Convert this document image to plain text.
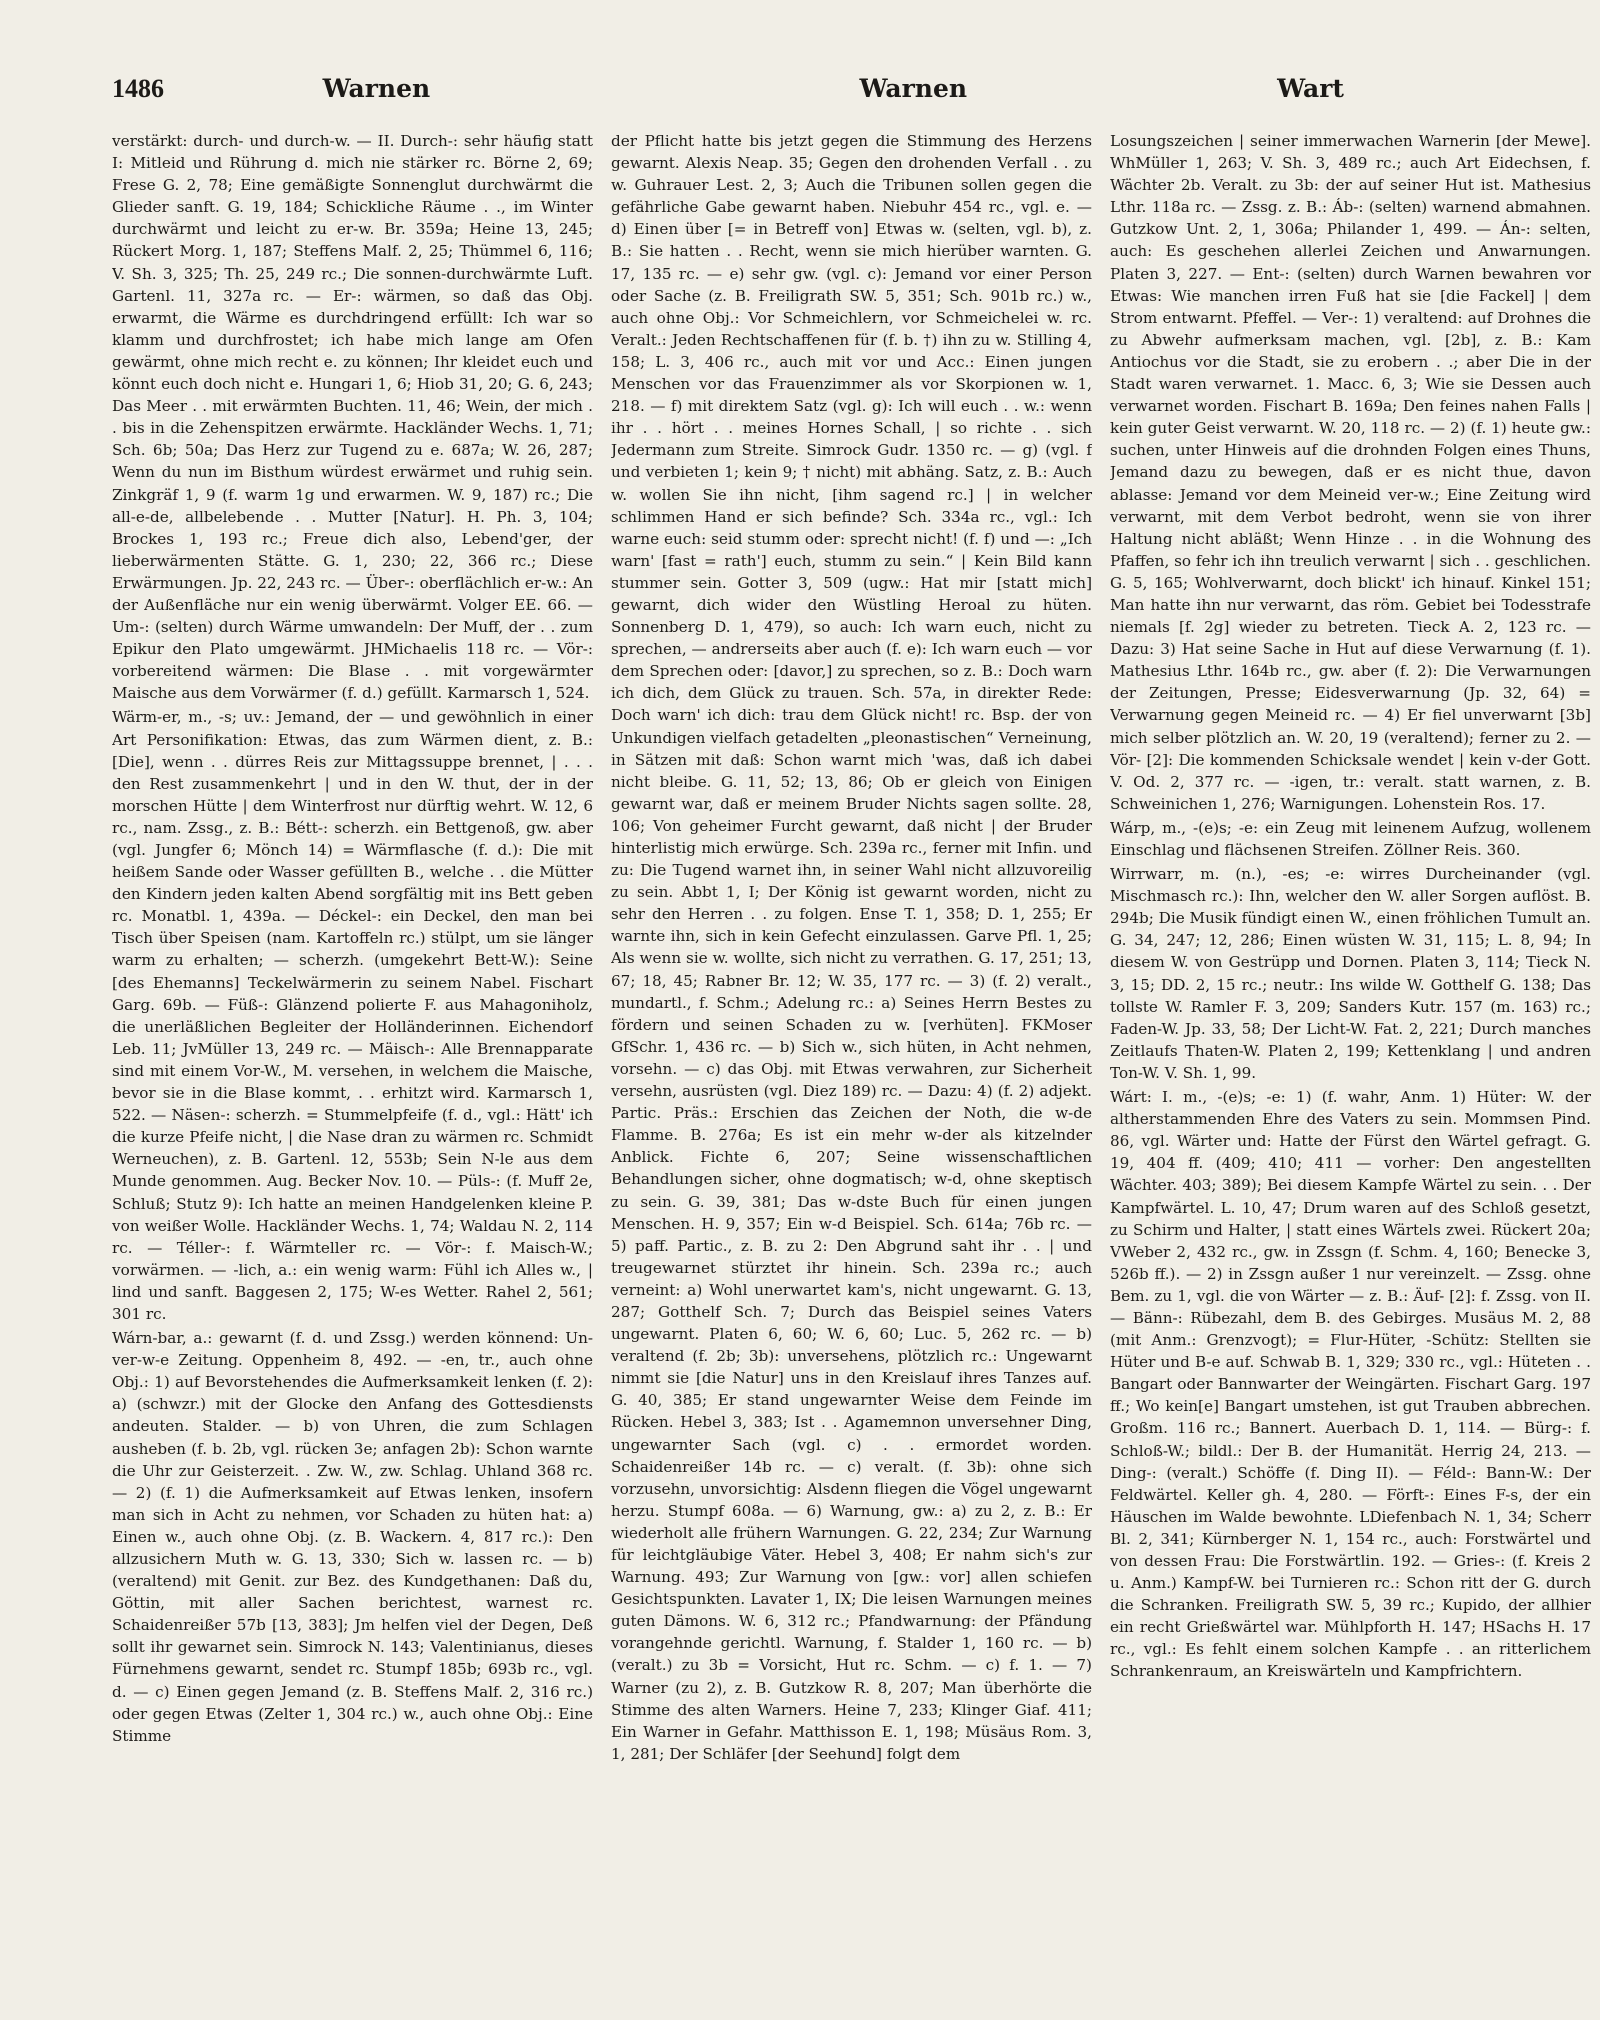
1486	Warnen	Warnen	Wart

verstärkt: durch- und durch-w. — II. Durch-: sehr häufig statt I: Mitleid und Rührung d. mich nie stärker rc. Börne 2, 69; Frese G. 2, 78; Eine gemäßigte Sonnenglut durchwärmt die Glieder sanft. G. 19, 184; Schickliche Räume . ., im Winter durchwärmt und leicht zu er-w. Br. 359a; Heine 13, 245; Rückert Morg. 1, 187; Steffens Malf. 2, 25; Thümmel 6, 116; V. Sh. 3, 325; Th. 25, 249 rc.; Die sonnen-durchwärmte Luft. Gartenl. 11, 327a rc. — Er-: wärmen, so daß das Obj. erwarmt, die Wärme es durchdringend erfüllt: Ich war so klamm und durchfrostet; ich habe mich lange am Ofen gewärmt, ohne mich recht e. zu können; Ihr kleidet euch und könnt euch doch nicht e. Hungari 1, 6; Hiob 31, 20; G. 6, 243; Das Meer . . mit erwärmten Buchten. 11, 46; Wein, der mich . . bis in die Zehenspitzen erwärmte. Hackländer Wechs. 1, 71; Sch. 6b; 50a; Das Herz zur Tugend zu e. 687a; W. 26, 287; Wenn du nun im Bisthum würdest erwärmet und ruhig sein. Zinkgräf 1, 9 (f. warm 1g und erwarmen. W. 9, 187) rc.; Die all-e-de, allbelebende . . Mutter [Natur]. H. Ph. 3, 104; Brockes 1, 193 rc.; Freue dich also, Lebend'ger, der lieberwärmenten Stätte. G. 1, 230; 22, 366 rc.; Diese Erwärmungen. Jp. 22, 243 rc. — Über-: oberflächlich er-w.: An der Außenfläche nur ein wenig überwärmt. Volger EE. 66. — Um-: (selten) durch Wärme umwandeln: Der Muff, der . . zum Epikur den Plato umgewärmt. JHMichaelis 118 rc. — Vör-: vorbereitend wärmen: Die Blase . . mit vorgewärmter Maische aus dem Vorwärmer (f. d.) gefüllt. Karmarsch 1, 524.

Wärm-er, m., -s; uv.: Jemand, der — und gewöhnlich in einer Art Personifikation: Etwas, das zum Wärmen dient, z. B.: [Die], wenn . . dürres Reis zur Mittagssuppe brennet, | . . . den Rest zusammenkehrt | und in den W. thut, der in der morschen Hütte | dem Winterfrost nur dürftig wehrt. W. 12, 6 rc., nam. Zssg., z. B.: Bétt-: scherzh. ein Bettgenoß, gw. aber (vgl. Jungfer 6; Mönch 14) = Wärmflasche (f. d.): Die mit heißem Sande oder Wasser gefüllten B., welche . . die Mütter den Kindern jeden kalten Abend sorgfältig mit ins Bett geben rc. Monatbl. 1, 439a. — Déckel-: ein Deckel, den man bei Tisch über Speisen (nam. Kartoffeln rc.) stülpt, um sie länger warm zu erhalten; — scherzh. (umgekehrt Bett-W.): Seine [des Ehemanns] Teckelwärmerin zu seinem Nabel. Fischart Garg. 69b. — Füß-: Glänzend polierte F. aus Mahagoniholz, die unerläßlichen Begleiter der Holländerinnen. Eichendorf Leb. 11; JvMüller 13, 249 rc. — Mäisch-: Alle Brennapparate sind mit einem Vor-W., M. versehen, in welchem die Maische, bevor sie in die Blase kommt, . . erhitzt wird. Karmarsch 1, 522. — Näsen-: scherzh. = Stummelpfeife (f. d., vgl.: Hätt' ich die kurze Pfeife nicht, | die Nase dran zu wärmen rc. Schmidt Werneuchen), z. B. Gartenl. 12, 553b; Sein N-le aus dem Munde genommen. Aug. Becker Nov. 10. — Püls-: (f. Muff 2e, Schluß; Stutz 9): Ich hatte an meinen Handgelenken kleine P. von weißer Wolle. Hackländer Wechs. 1, 74; Waldau N. 2, 114 rc. — Téller-: f. Wärmteller rc. — Vör-: f. Maisch-W.; vorwärmen. — -lich, a.: ein wenig warm: Fühl ich Alles w., | lind und sanft. Baggesen 2, 175; W-es Wetter. Rahel 2, 561; 301 rc.

Wárn-bar, a.: gewarnt (f. d. und Zssg.) werden könnend: Un-ver-w-e Zeitung. Oppenheim 8, 492. — -en, tr., auch ohne Obj.: 1) auf Bevorstehendes die Aufmerksamkeit lenken (f. 2): a) (schwzr.) mit der Glocke den Anfang des Gottesdiensts andeuten. Stalder. — b) von Uhren, die zum Schlagen ausheben (f. b. 2b, vgl. rücken 3e; anfagen 2b): Schon warnte die Uhr zur Geisterzeit. . Zw. W., zw. Schlag. Uhland 368 rc. — 2) (f. 1) die Aufmerksamkeit auf Etwas lenken, insofern man sich in Acht zu nehmen, vor Schaden zu hüten hat: a) Einen w., auch ohne Obj. (z. B. Wackern. 4, 817 rc.): Den allzusichern Muth w. G. 13, 330; Sich w. lassen rc. — b) (veraltend) mit Genit. zur Bez. des Kundgethanen: Daß du, Göttin, mit aller Sachen berichtest, warnest rc. Schaidenreißer 57b [13, 383]; Jm helfen viel der Degen, Deß sollt ihr gewarnet sein. Simrock N. 143; Valentinianus, dieses Fürnehmens gewarnt, sendet rc. Stumpf 185b; 693b rc., vgl. d. — c) Einen gegen Jemand (z. B. Steffens Malf. 2, 316 rc.) oder gegen Etwas (Zelter 1, 304 rc.) w., auch ohne Obj.: Eine Stimme

der Pflicht hatte bis jetzt gegen die Stimmung des Herzens gewarnt. Alexis Neap. 35; Gegen den drohenden Verfall . . zu w. Guhrauer Lest. 2, 3; Auch die Tribunen sollen gegen die gefährliche Gabe gewarnt haben. Niebuhr 454 rc., vgl. e. — d) Einen über [= in Betreff von] Etwas w. (selten, vgl. b), z. B.: Sie hatten . . Recht, wenn sie mich hierüber warnten. G. 17, 135 rc. — e) sehr gw. (vgl. c): Jemand vor einer Person oder Sache (z. B. Freiligrath SW. 5, 351; Sch. 901b rc.) w., auch ohne Obj.: Vor Schmeichlern, vor Schmeichelei w. rc. Veralt.: Jeden Rechtschaffenen für (f. b. †) ihn zu w. Stilling 4, 158; L. 3, 406 rc., auch mit vor und Acc.: Einen jungen Menschen vor das Frauenzimmer als vor Skorpionen w. 1, 218. — f) mit direktem Satz (vgl. g): Ich will euch . . w.: wenn ihr . . hört . . meines Hornes Schall, | so richte . . sich Jedermann zum Streite. Simrock Gudr. 1350 rc. — g) (vgl. f und verbieten 1; kein 9; † nicht) mit abhäng. Satz, z. B.: Auch w. wollen Sie ihn nicht, [ihm sagend rc.] | in welcher schlimmen Hand er sich befinde? Sch. 334a rc., vgl.: Ich warne euch: seid stumm oder: sprecht nicht! (f. f) und —: „Ich warn' [fast = rath'] euch, stumm zu sein.“ | Kein Bild kann stummer sein. Gotter 3, 509 (ugw.: Hat mir [statt mich] gewarnt, dich wider den Wüstling Heroal zu hüten. Sonnenberg D. 1, 479), so auch: Ich warn euch, nicht zu sprechen, — andrerseits aber auch (f. e): Ich warn euch — vor dem Sprechen oder: [davor,] zu sprechen, so z. B.: Doch warn ich dich, dem Glück zu trauen. Sch. 57a, in direkter Rede: Doch warn' ich dich: trau dem Glück nicht! rc. Bsp. der von Unkundigen vielfach getadelten „pleonastischen“ Verneinung, in Sätzen mit daß: Schon warnt mich 'was, daß ich dabei nicht bleibe. G. 11, 52; 13, 86; Ob er gleich von Einigen gewarnt war, daß er meinem Bruder Nichts sagen sollte. 28, 106; Von geheimer Furcht gewarnt, daß nicht | der Bruder hinterlistig mich erwürge. Sch. 239a rc., ferner mit Infin. und zu: Die Tugend warnet ihn, in seiner Wahl nicht allzuvoreilig zu sein. Abbt 1, I; Der König ist gewarnt worden, nicht zu sehr den Herren . . zu folgen. Ense T. 1, 358; D. 1, 255; Er warnte ihn, sich in kein Gefecht einzulassen. Garve Pfl. 1, 25; Als wenn sie w. wollte, sich nicht zu verrathen. G. 17, 251; 13, 67; 18, 45; Rabner Br. 12; W. 35, 177 rc. — 3) (f. 2) veralt., mundartl., f. Schm.; Adelung rc.: a) Seines Herrn Bestes zu fördern und seinen Schaden zu w. [verhüten]. FKMoser GfSchr. 1, 436 rc. — b) Sich w., sich hüten, in Acht nehmen, vorsehn. — c) das Obj. mit Etwas verwahren, zur Sicherheit versehn, ausrüsten (vgl. Diez 189) rc. — Dazu: 4) (f. 2) adjekt. Partic. Präs.: Erschien das Zeichen der Noth, die w-de Flamme. B. 276a; Es ist ein mehr w-der als kitzelnder Anblick. Fichte 6, 207; Seine wissenschaftlichen Behandlungen sicher, ohne dogmatisch; w-d, ohne skeptisch zu sein. G. 39, 381; Das w-dste Buch für einen jungen Menschen. H. 9, 357; Ein w-d Beispiel. Sch. 614a; 76b rc. — 5) paff. Partic., z. B. zu 2: Den Abgrund saht ihr . . | und treugewarnet stürztet ihr hinein. Sch. 239a rc.; auch verneint: a) Wohl unerwartet kam's, nicht ungewarnt. G. 13, 287; Gotthelf Sch. 7; Durch das Beispiel seines Vaters ungewarnt. Platen 6, 60; W. 6, 60; Luc. 5, 262 rc. — b) veraltend (f. 2b; 3b): unversehens, plötzlich rc.: Ungewarnt nimmt sie [die Natur] uns in den Kreislauf ihres Tanzes auf. G. 40, 385; Er stand ungewarnter Weise dem Feinde im Rücken. Hebel 3, 383; Ist . . Agamemnon unversehner Ding, ungewarnter Sach (vgl. c) . . ermordet worden. Schaidenreißer 14b rc. — c) veralt. (f. 3b): ohne sich vorzusehn, unvorsichtig: Alsdenn fliegen die Vögel ungewarnt herzu. Stumpf 608a. — 6) Warnung, gw.: a) zu 2, z. B.: Er wiederholt alle frühern Warnungen. G. 22, 234; Zur Warnung für leichtgläubige Väter. Hebel 3, 408; Er nahm sich's zur Warnung. 493; Zur Warnung von [gw.: vor] allen schiefen Gesichtspunkten. Lavater 1, IX; Die leisen Warnungen meines guten Dämons. W. 6, 312 rc.; Pfandwarnung: der Pfändung vorangehnde gerichtl. Warnung, f. Stalder 1, 160 rc. — b) (veralt.) zu 3b = Vorsicht, Hut rc. Schm. — c) f. 1. — 7) Warner (zu 2), z. B. Gutzkow R. 8, 207; Man überhörte die Stimme des alten Warners. Heine 7, 233; Klinger Giaf. 411; Ein Warner in Gefahr. Matthisson E. 1, 198; Müsäus Rom. 3, 1, 281; Der Schläfer [der Seehund] folgt dem

Losungszeichen | seiner immerwachen Warnerin [der Mewe]. WhMüller 1, 263; V. Sh. 3, 489 rc.; auch Art Eidechsen, f. Wächter 2b. Veralt. zu 3b: der auf seiner Hut ist. Mathesius Lthr. 118a rc. — Zssg. z. B.: Áb-: (selten) warnend abmahnen. Gutzkow Unt. 2, 1, 306a; Philander 1, 499. — Án-: selten, auch: Es geschehen allerlei Zeichen und Anwarnungen. Platen 3, 227. — Ent-: (selten) durch Warnen bewahren vor Etwas: Wie manchen irren Fuß hat sie [die Fackel] | dem Strom entwarnt. Pfeffel. — Ver-: 1) veraltend: auf Drohnes die zu Abwehr aufmerksam machen, vgl. [2b], z. B.: Kam Antiochus vor die Stadt, sie zu erobern . .; aber Die in der Stadt waren verwarnet. 1. Macc. 6, 3; Wie sie Dessen auch verwarnet worden. Fischart B. 169a; Den feines nahen Falls | kein guter Geist verwarnt. W. 20, 118 rc. — 2) (f. 1) heute gw.: suchen, unter Hinweis auf die drohnden Folgen eines Thuns, Jemand dazu zu bewegen, daß er es nicht thue, davon ablasse: Jemand vor dem Meineid ver-w.; Eine Zeitung wird verwarnt, mit dem Verbot bedroht, wenn sie von ihrer Haltung nicht abläßt; Wenn Hinze . . in die Wohnung des Pfaffen, so fehr ich ihn treulich verwarnt | sich . . geschlichen. G. 5, 165; Wohlverwarnt, doch blickt' ich hinauf. Kinkel 151; Man hatte ihn nur verwarnt, das röm. Gebiet bei Todesstrafe niemals [f. 2g] wieder zu betreten. Tieck A. 2, 123 rc. — Dazu: 3) Hat seine Sache in Hut auf diese Verwarnung (f. 1). Mathesius Lthr. 164b rc., gw. aber (f. 2): Die Verwarnungen der Zeitungen, Presse; Eidesverwarnung (Jp. 32, 64) = Verwarnung gegen Meineid rc. — 4) Er fiel unverwarnt [3b] mich selber plötzlich an. W. 20, 19 (veraltend); ferner zu 2. — Vör- [2]: Die kommenden Schicksale wendet | kein v-der Gott. V. Od. 2, 377 rc. — -igen, tr.: veralt. statt warnen, z. B. Schweinichen 1, 276; Warnigungen. Lohenstein Ros. 17.

Wárp, m., -(e)s; -e: ein Zeug mit leinenem Aufzug, wollenem Einschlag und flächsenen Streifen. Zöllner Reis. 360.

Wirrwarr, m. (n.), -es; -e: wirres Durcheinander (vgl. Mischmasch rc.): Ihn, welcher den W. aller Sorgen auflöst. B. 294b; Die Musik fündigt einen W., einen fröhlichen Tumult an. G. 34, 247; 12, 286; Einen wüsten W. 31, 115; L. 8, 94; In diesem W. von Gestrüpp und Dornen. Platen 3, 114; Tieck N. 3, 15; DD. 2, 15 rc.; neutr.: Ins wilde W. Gotthelf G. 138; Das tollste W. Ramler F. 3, 209; Sanders Kutr. 157 (m. 163) rc.; Faden-W. Jp. 33, 58; Der Licht-W. Fat. 2, 221; Durch manches Zeitlaufs Thaten-W. Platen 2, 199; Kettenklang | und andren Ton-W. V. Sh. 1, 99.

Wárt: I. m., -(e)s; -e: 1) (f. wahr, Anm. 1) Hüter: W. der altherstammenden Ehre des Vaters zu sein. Mommsen Pind. 86, vgl. Wärter und: Hatte der Fürst den Wärtel gefragt. G. 19, 404 ff. (409; 410; 411 — vorher: Den angestellten Wächter. 403; 389); Bei diesem Kampfe Wärtel zu sein. . . Der Kampfwärtel. L. 10, 47; Drum waren auf des Schloß gesetzt, zu Schirm und Halter, | statt eines Wärtels zwei. Rückert 20a; VWeber 2, 432 rc., gw. in Zssgn (f. Schm. 4, 160; Benecke 3, 526b ff.). — 2) in Zssgn außer 1 nur vereinzelt. — Zssg. ohne Bem. zu 1, vgl. die von Wärter — z. B.: Äuf- [2]: f. Zssg. von II. — Bänn-: Rübezahl, dem B. des Gebirges. Musäus M. 2, 88 (mit Anm.: Grenzvogt); = Flur-Hüter, -Schütz: Stellten sie Hüter und B-e auf. Schwab B. 1, 329; 330 rc., vgl.: Hüteten . . Bangart oder Bannwarter der Weingärten. Fischart Garg. 197 ff.; Wo kein[e] Bangart umstehen, ist gut Trauben abbrechen. Großm. 116 rc.; Bannert. Auerbach D. 1, 114. — Bürg-: f. Schloß-W.; bildl.: Der B. der Humanität. Herrig 24, 213. — Ding-: (veralt.) Schöffe (f. Ding II). — Féld-: Bann-W.: Der Feldwärtel. Keller gh. 4, 280. — Förft-: Eines F-s, der ein Häuschen im Walde bewohnte. LDiefenbach N. 1, 34; Scherr Bl. 2, 341; Kürnberger N. 1, 154 rc., auch: Forstwärtel und von dessen Frau: Die Forstwärtlin. 192. — Gries-: (f. Kreis 2 u. Anm.) Kampf-W. bei Turnieren rc.: Schon ritt der G. durch die Schranken. Freiligrath SW. 5, 39 rc.; Kupido, der allhier ein recht Grießwärtel war. Mühlpforth H. 147; HSachs H. 17 rc., vgl.: Es fehlt einem solchen Kampfe . . an ritterlichem Schrankenraum, an Kreiswärteln und Kampfrichtern.
